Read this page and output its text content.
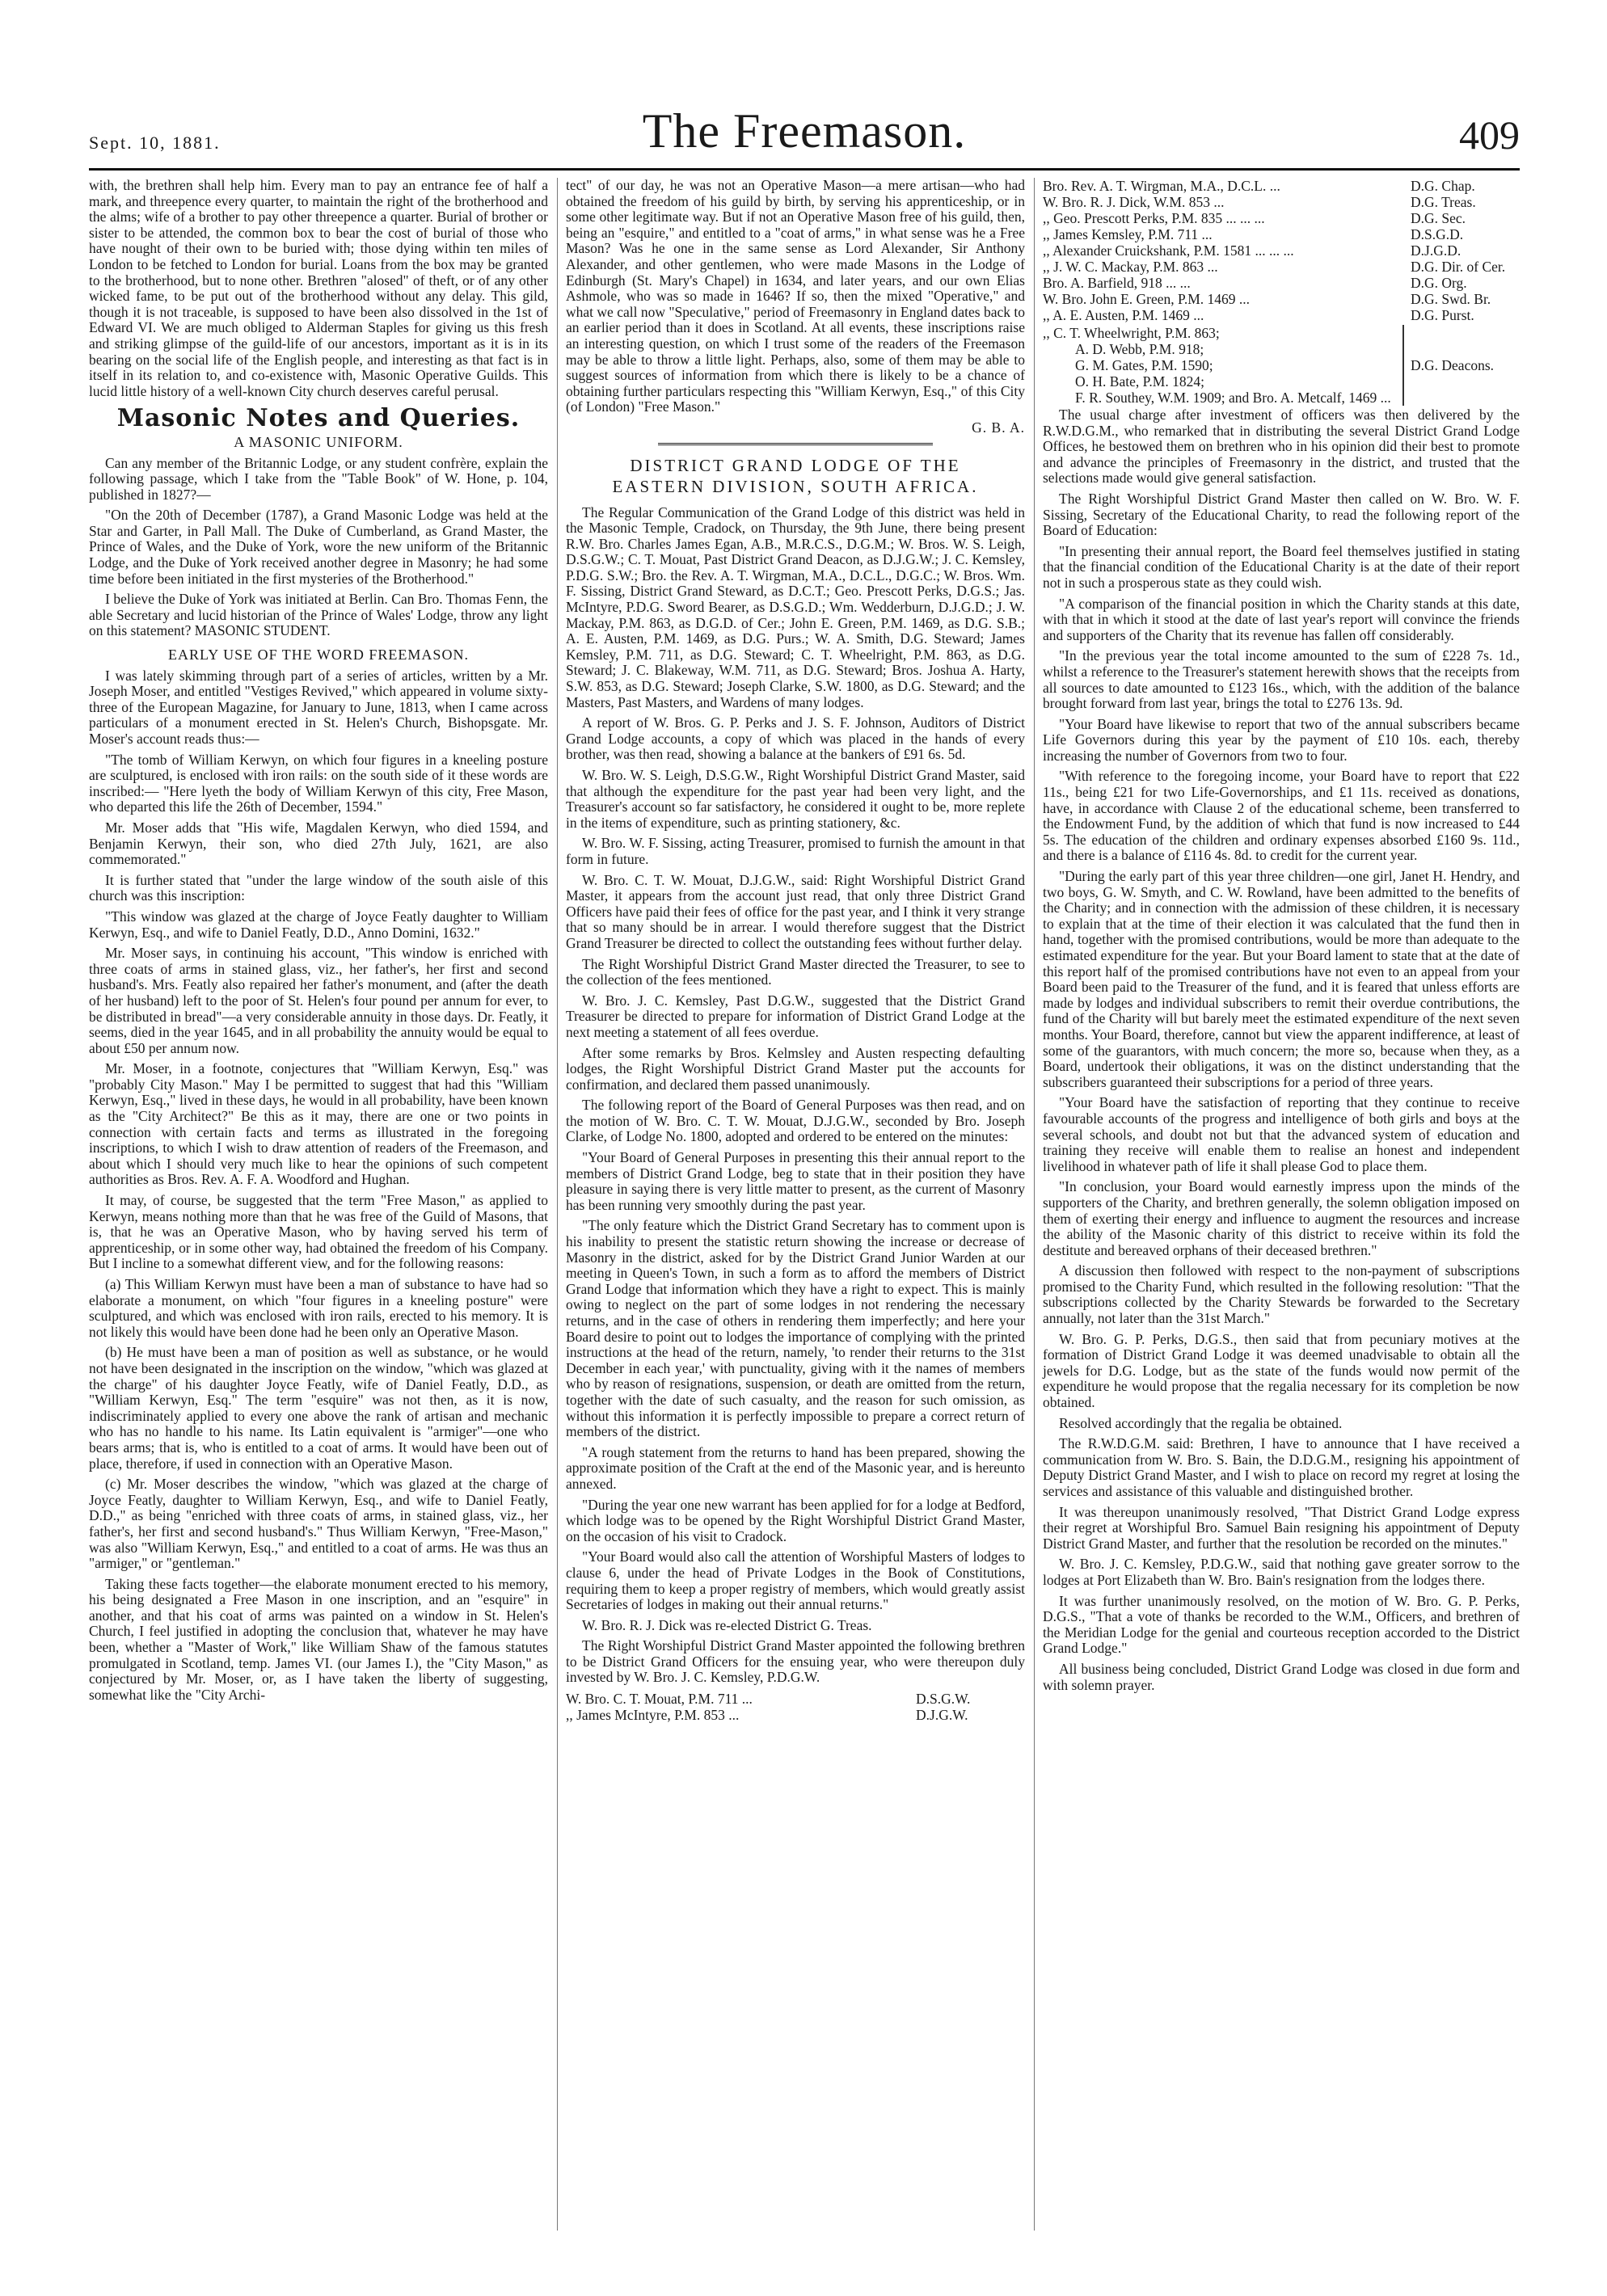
Sept. 10, 1881.	The Freemason.	409

with, the brethren shall help him. Every man to pay an entrance fee of half a mark, and threepence every quarter, to maintain the right of the brotherhood and the alms; wife of a brother to pay other threepence a quarter. Burial of brother or sister to be attended, the common box to bear the cost of burial of those who have nought of their own to be buried with; those dying within ten miles of London to be fetched to London for burial. Loans from the box may be granted to the brotherhood, but to none other. Brethren "alosed" of theft, or of any other wicked fame, to be put out of the brotherhood without any delay. This gild, though it is not traceable, is supposed to have been also dissolved in the 1st of Edward VI. We are much obliged to Alderman Staples for giving us this fresh and striking glimpse of the guild-life of our ancestors, important as it is in its bearing on the social life of the English people, and interesting as that fact is in itself in its relation to, and co-existence with, Masonic Operative Guilds. This lucid little history of a well-known City church deserves careful perusal.

Masonic Notes and Queries.
A MASONIC UNIFORM.

Can any member of the Britannic Lodge, or any student confrère, explain the following passage, which I take from the "Table Book" of W. Hone, p. 104, published in 1827?—

"On the 20th of December (1787), a Grand Masonic Lodge was held at the Star and Garter, in Pall Mall. The Duke of Cumberland, as Grand Master, the Prince of Wales, and the Duke of York, wore the new uniform of the Britannic Lodge, and the Duke of York received another degree in Masonry; he had some time before been initiated in the first mysteries of the Brotherhood."

I believe the Duke of York was initiated at Berlin. Can Bro. Thomas Fenn, the able Secretary and lucid historian of the Prince of Wales' Lodge, throw any light on this statement? MASONIC STUDENT.

EARLY USE OF THE WORD FREEMASON.

I was lately skimming through part of a series of articles, written by a Mr. Joseph Moser, and entitled "Vestiges Revived," which appeared in volume sixty-three of the European Magazine, for January to June, 1813, when I came across particulars of a monument erected in St. Helen's Church, Bishopsgate. Mr. Moser's account reads thus:—

"The tomb of William Kerwyn, on which four figures in a kneeling posture are sculptured, is enclosed with iron rails: on the south side of it these words are inscribed:— "Here lyeth the body of William Kerwyn of this city, Free Mason, who departed this life the 26th of December, 1594."

Mr. Moser adds that "His wife, Magdalen Kerwyn, who died 1594, and Benjamin Kerwyn, their son, who died 27th July, 1621, are also commemorated."

It is further stated that "under the large window of the south aisle of this church was this inscription:

"This window was glazed at the charge of Joyce Featly daughter to William Kerwyn, Esq., and wife to Daniel Featly, D.D., Anno Domini, 1632."

Mr. Moser says, in continuing his account, "This window is enriched with three coats of arms in stained glass, viz., her father's, her first and second husband's. Mrs. Featly also repaired her father's monument, and (after the death of her husband) left to the poor of St. Helen's four pound per annum for ever, to be distributed in bread"—a very considerable annuity in those days. Dr. Featly, it seems, died in the year 1645, and in all probability the annuity would be equal to about £50 per annum now.

Mr. Moser, in a footnote, conjectures that "William Kerwyn, Esq." was "probably City Mason." May I be permitted to suggest that had this "William Kerwyn, Esq.," lived in these days, he would in all probability, have been known as the "City Architect?" Be this as it may, there are one or two points in connection with certain facts and terms as illustrated in the foregoing inscriptions, to which I wish to draw attention of readers of the Freemason, and about which I should very much like to hear the opinions of such competent authorities as Bros. Rev. A. F. A. Woodford and Hughan.

It may, of course, be suggested that the term "Free Mason," as applied to Kerwyn, means nothing more than that he was free of the Guild of Masons, that is, that he was an Operative Mason, who by having served his term of apprenticeship, or in some other way, had obtained the freedom of his Company. But I incline to a somewhat different view, and for the following reasons:

(a) This William Kerwyn must have been a man of substance to have had so elaborate a monument, on which "four figures in a kneeling posture" were sculptured, and which was enclosed with iron rails, erected to his memory. It is not likely this would have been done had he been only an Operative Mason.

(b) He must have been a man of position as well as substance, or he would not have been designated in the inscription on the window, "which was glazed at the charge" of his daughter Joyce Featly, wife of Daniel Featly, D.D., as "William Kerwyn, Esq." The term "esquire" was not then, as it is now, indiscriminately applied to every one above the rank of artisan and mechanic who has no handle to his name. Its Latin equivalent is "armiger"—one who bears arms; that is, who is entitled to a coat of arms. It would have been out of place, therefore, if used in connection with an Operative Mason.

(c) Mr. Moser describes the window, "which was glazed at the charge of Joyce Featly, daughter to William Kerwyn, Esq., and wife to Daniel Featly, D.D.," as being "enriched with three coats of arms, in stained glass, viz., her father's, her first and second husband's." Thus William Kerwyn, "Free-Mason," was also "William Kerwyn, Esq.," and entitled to a coat of arms. He was thus an "armiger," or "gentleman."

Taking these facts together—the elaborate monument erected to his memory, his being designated a Free Mason in one inscription, and an "esquire" in another, and that his coat of arms was painted on a window in St. Helen's Church, I feel justified in adopting the conclusion that, whatever he may have been, whether a "Master of Work," like William Shaw of the famous statutes promulgated in Scotland, temp. James VI. (our James I.), the "City Mason," as conjectured by Mr. Moser, or, as I have taken the liberty of suggesting, somewhat like the "City Archi-

tect" of our day, he was not an Operative Mason—a mere artisan—who had obtained the freedom of his guild by birth, by serving his apprenticeship, or in some other legitimate way. But if not an Operative Mason free of his guild, then, being an "esquire," and entitled to a "coat of arms," in what sense was he a Free Mason? Was he one in the same sense as Lord Alexander, Sir Anthony Alexander, and other gentlemen, who were made Masons in the Lodge of Edinburgh (St. Mary's Chapel) in 1634, and later years, and our own Elias Ashmole, who was so made in 1646? If so, then the mixed "Operative," and what we call now "Speculative," period of Freemasonry in England dates back to an earlier period than it does in Scotland. At all events, these inscriptions raise an interesting question, on which I trust some of the readers of the Freemason may be able to throw a little light. Perhaps, also, some of them may be able to suggest sources of information from which there is likely to be a chance of obtaining further particulars respecting this "William Kerwyn, Esq.," of this City (of London) "Free Mason."

G. B. A.
DISTRICT GRAND LODGE OF THE
EASTERN DIVISION, SOUTH AFRICA.

The Regular Communication of the Grand Lodge of this district was held in the Masonic Temple, Cradock, on Thursday, the 9th June, there being present R.W. Bro. Charles James Egan, A.B., M.R.C.S., D.G.M.; W. Bros. W. S. Leigh, D.S.G.W.; C. T. Mouat, Past District Grand Deacon, as D.J.G.W.; J. C. Kemsley, P.D.G. S.W.; Bro. the Rev. A. T. Wirgman, M.A., D.C.L., D.G.C.; W. Bros. Wm. F. Sissing, District Grand Steward, as D.C.T.; Geo. Prescott Perks, D.G.S.; Jas. McIntyre, P.D.G. Sword Bearer, as D.S.G.D.; Wm. Wedderburn, D.J.G.D.; J. W. Mackay, P.M. 863, as D.G.D. of Cer.; John E. Green, P.M. 1469, as D.G. S.B.; A. E. Austen, P.M. 1469, as D.G. Purs.; W. A. Smith, D.G. Steward; James Kemsley, P.M. 711, as D.G. Steward; C. T. Wheelright, P.M. 863, as D.G. Steward; J. C. Blakeway, W.M. 711, as D.G. Steward; Bros. Joshua A. Harty, S.W. 853, as D.G. Steward; Joseph Clarke, S.W. 1800, as D.G. Steward; and the Masters, Past Masters, and Wardens of many lodges.

A report of W. Bros. G. P. Perks and J. S. F. Johnson, Auditors of District Grand Lodge accounts, a copy of which was placed in the hands of every brother, was then read, showing a balance at the bankers of £91 6s. 5d.

W. Bro. W. S. Leigh, D.S.G.W., Right Worshipful District Grand Master, said that although the expenditure for the past year had been very light, and the Treasurer's account so far satisfactory, he considered it ought to be, more replete in the items of expenditure, such as printing stationery, &c.

W. Bro. W. F. Sissing, acting Treasurer, promised to furnish the amount in that form in future.

W. Bro. C. T. W. Mouat, D.J.G.W., said: Right Worshipful District Grand Master, it appears from the account just read, that only three District Grand Officers have paid their fees of office for the past year, and I think it very strange that so many should be in arrear. I would therefore suggest that the District Grand Treasurer be directed to collect the outstanding fees without further delay.

The Right Worshipful District Grand Master directed the Treasurer, to see to the collection of the fees mentioned.

W. Bro. J. C. Kemsley, Past D.G.W., suggested that the District Grand Treasurer be directed to prepare for information of District Grand Lodge at the next meeting a statement of all fees overdue.

After some remarks by Bros. Kelmsley and Austen respecting defaulting lodges, the Right Worshipful District Grand Master put the accounts for confirmation, and declared them passed unanimously.

The following report of the Board of General Purposes was then read, and on the motion of W. Bro. C. T. W. Mouat, D.J.G.W., seconded by Bro. Joseph Clarke, of Lodge No. 1800, adopted and ordered to be entered on the minutes:

"Your Board of General Purposes in presenting this their annual report to the members of District Grand Lodge, beg to state that in their position they have pleasure in saying there is very little matter to present, as the current of Masonry has been running very smoothly during the past year.

"The only feature which the District Grand Secretary has to comment upon is his inability to present the statistic return showing the increase or decrease of Masonry in the district, asked for by the District Grand Junior Warden at our meeting in Queen's Town, in such a form as to afford the members of District Grand Lodge that information which they have a right to expect. This is mainly owing to neglect on the part of some lodges in not rendering the necessary returns, and in the case of others in rendering them imperfectly; and here your Board desire to point out to lodges the importance of complying with the printed instructions at the head of the return, namely, 'to render their returns to the 31st December in each year,' with punctuality, giving with it the names of members who by reason of resignations, suspension, or death are omitted from the return, together with the date of such casualty, and the reason for such omission, as without this information it is perfectly impossible to prepare a correct return of members of the district.

"A rough statement from the returns to hand has been prepared, showing the approximate position of the Craft at the end of the Masonic year, and is hereunto annexed.

"During the year one new warrant has been applied for for a lodge at Bedford, which lodge was to be opened by the Right Worshipful District Grand Master, on the occasion of his visit to Cradock.

"Your Board would also call the attention of Worshipful Masters of lodges to clause 6, under the head of Private Lodges in the Book of Constitutions, requiring them to keep a proper registry of members, which would greatly assist Secretaries of lodges in making out their annual returns."

W. Bro. R. J. Dick was re-elected District G. Treas.

The Right Worshipful District Grand Master appointed the following brethren to be District Grand Officers for the ensuing year, who were thereupon duly invested by W. Bro. J. C. Kemsley, P.D.G.W.

W. Bro. C. T. Mouat, P.M. 711 ...	D.S.G.W.
,, James McIntyre, P.M. 853 ...	D.J.G.W.
Bro. Rev. A. T. Wirgman, M.A., D.C.L. ...	D.G. Chap.
W. Bro. R. J. Dick, W.M. 853 ...	D.G. Treas.
,, Geo. Prescott Perks, P.M. 835 ... ... ...	D.G. Sec.
,, James Kemsley, P.M. 711 ...	D.S.G.D.
,, Alexander Cruickshank, P.M. 1581 ... ... ...	D.J.G.D.
,, J. W. C. Mackay, P.M. 863 ...	D.G. Dir. of Cer.
Bro. A. Barfield, 918 ... ...	D.G. Org.
W. Bro. John E. Green, P.M. 1469 ...	D.G. Swd. Br.
,, A. E. Austen, P.M. 1469 ...	D.G. Purst.
,, C. T. Wheelwright, P.M. 863;
A. D. Webb, P.M. 918;
G. M. Gates, P.M. 1590;
O. H. Bate, P.M. 1824;
F. R. Southey, W.M. 1909; and Bro. A. Metcalf, 1469 ...
D.G. Deacons.

The usual charge after investment of officers was then delivered by the R.W.D.G.M., who remarked that in distributing the several District Grand Lodge Offices, he bestowed them on brethren who in his opinion did their best to promote and advance the principles of Freemasonry in the district, and trusted that the selections made would give general satisfaction.

The Right Worshipful District Grand Master then called on W. Bro. W. F. Sissing, Secretary of the Educational Charity, to read the following report of the Board of Education:

"In presenting their annual report, the Board feel themselves justified in stating that the financial condition of the Educational Charity is at the date of their report not in such a prosperous state as they could wish.

"A comparison of the financial position in which the Charity stands at this date, with that in which it stood at the date of last year's report will convince the friends and supporters of the Charity that its revenue has fallen off considerably.

"In the previous year the total income amounted to the sum of £228 7s. 1d., whilst a reference to the Treasurer's statement herewith shows that the receipts from all sources to date amounted to £123 16s., which, with the addition of the balance brought forward from last year, brings the total to £276 13s. 9d.

"Your Board have likewise to report that two of the annual subscribers became Life Governors during this year by the payment of £10 10s. each, thereby increasing the number of Governors from two to four.

"With reference to the foregoing income, your Board have to report that £22 11s., being £21 for two Life-Governorships, and £1 11s. received as donations, have, in accordance with Clause 2 of the educational scheme, been transferred to the Endowment Fund, by the addition of which that fund is now increased to £44 5s. The education of the children and ordinary expenses absorbed £160 9s. 11d., and there is a balance of £116 4s. 8d. to credit for the current year.

"During the early part of this year three children—one girl, Janet H. Hendry, and two boys, G. W. Smyth, and C. W. Rowland, have been admitted to the benefits of the Charity; and in connection with the admission of these children, it is necessary to explain that at the time of their election it was calculated that the fund then in hand, together with the promised contributions, would be more than adequate to the estimated expenditure for the year. But your Board lament to state that at the date of this report half of the promised contributions have not even to an appeal from your Board been paid to the Treasurer of the fund, and it is feared that unless efforts are made by lodges and individual subscribers to remit their overdue contributions, the fund of the Charity will but barely meet the estimated expenditure of the next seven months. Your Board, therefore, cannot but view the apparent indifference, at least of some of the guarantors, with much concern; the more so, because when they, as a Board, undertook their obligations, it was on the distinct understanding that the subscribers guaranteed their subscriptions for a period of three years.

"Your Board have the satisfaction of reporting that they continue to receive favourable accounts of the progress and intelligence of both girls and boys at the several schools, and doubt not but that the advanced system of education and training they receive will enable them to realise an honest and independent livelihood in whatever path of life it shall please God to place them.

"In conclusion, your Board would earnestly impress upon the minds of the supporters of the Charity, and brethren generally, the solemn obligation imposed on them of exerting their energy and influence to augment the resources and increase the ability of the Masonic charity of this district to receive within its fold the destitute and bereaved orphans of their deceased brethren."

A discussion then followed with respect to the non-payment of subscriptions promised to the Charity Fund, which resulted in the following resolution: "That the subscriptions collected by the Charity Stewards be forwarded to the Secretary annually, not later than the 31st March."

W. Bro. G. P. Perks, D.G.S., then said that from pecuniary motives at the formation of District Grand Lodge it was deemed unadvisable to obtain all the jewels for D.G. Lodge, but as the state of the funds would now permit of the expenditure he would propose that the regalia necessary for its completion be now obtained.

Resolved accordingly that the regalia be obtained.

The R.W.D.G.M. said: Brethren, I have to announce that I have received a communication from W. Bro. S. Bain, the D.D.G.M., resigning his appointment of Deputy District Grand Master, and I wish to place on record my regret at losing the services and assistance of this valuable and distinguished brother.

It was thereupon unanimously resolved, "That District Grand Lodge express their regret at Worshipful Bro. Samuel Bain resigning his appointment of Deputy District Grand Master, and further that the resolution be recorded on the minutes."

W. Bro. J. C. Kemsley, P.D.G.W., said that nothing gave greater sorrow to the lodges at Port Elizabeth than W. Bro. Bain's resignation from the lodges there.

It was further unanimously resolved, on the motion of W. Bro. G. P. Perks, D.G.S., "That a vote of thanks be recorded to the W.M., Officers, and brethren of the Meridian Lodge for the genial and courteous reception accorded to the District Grand Lodge."

All business being concluded, District Grand Lodge was closed in due form and with solemn prayer.
